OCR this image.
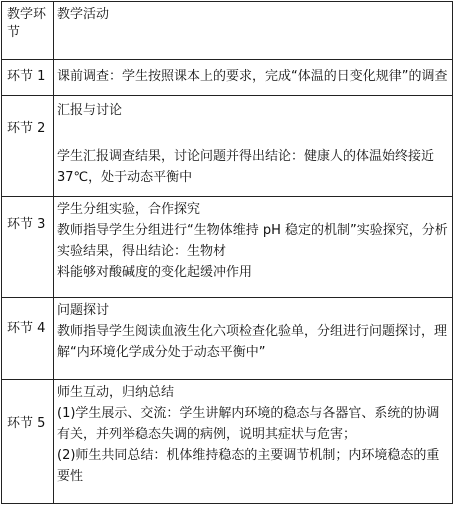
教学环节
教学活动
环节 1 课前调查：学生按照课本上的要求，完成“体温的日变化规律”的调查
环节 2
汇报与讨论
学生汇报调查结果，讨论问题并得出结论：健康人的体温始终接近
37℃，处于动态平衡中
环节 3
学生分组实验，合作探究
教师指导学生分组进行“生物体维持 pH 稳定的机制”实验探究，分析
实验结果，得出结论：生物材
料能够对酸碱度的变化起缓冲作用
环节 4
问题探讨
教师指导学生阅读血液生化六项检查化验单，分组进行问题探讨，理
解“内环境化学成分处于动态平衡中”
环节 5
师生互动，归纳总结
(1)学生展示、交流：学生讲解内环境的稳态与各器官、系统的协调
有关，并列举稳态失调的病例，说明其症状与危害；
(2)师生共同总结：机体维持稳态的主要调节机制；内环境稳态的重
要性
